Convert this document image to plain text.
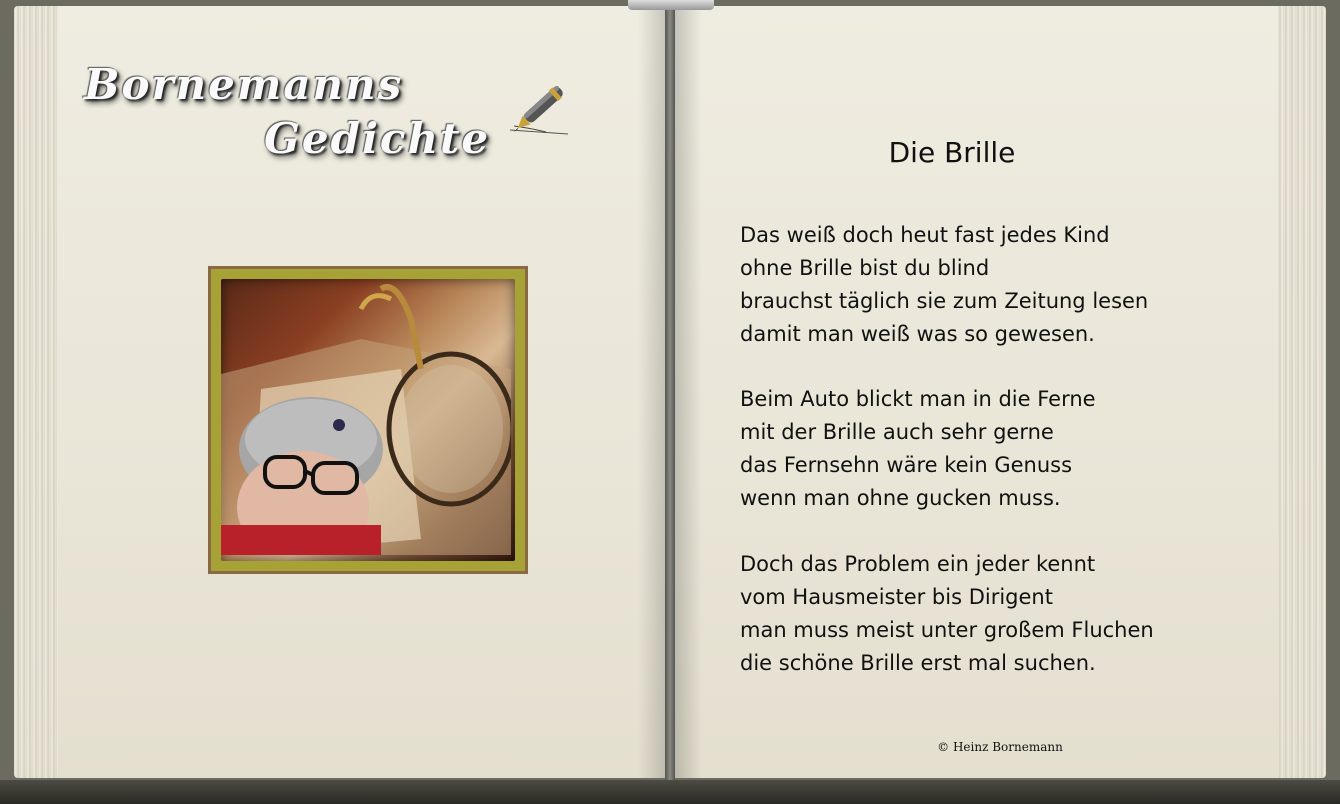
Bornemanns
Gedichte	Die Brille
Das weiß doch heut fast jedes Kind
ohne Brille bist du blind
brauchst täglich sie zum Zeitung lesen
damit man weiß was so gewesen.
Beim Auto blickt man in die Ferne
mit der Brille auch sehr gerne
das Fernsehn wäre kein Genuss
wenn man ohne gucken muss.
Doch das Problem ein jeder kennt
vom Hausmeister bis Dirigent
man muss meist unter großem Fluchen
die schöne Brille erst mal suchen.
© Heinz Bornemann
